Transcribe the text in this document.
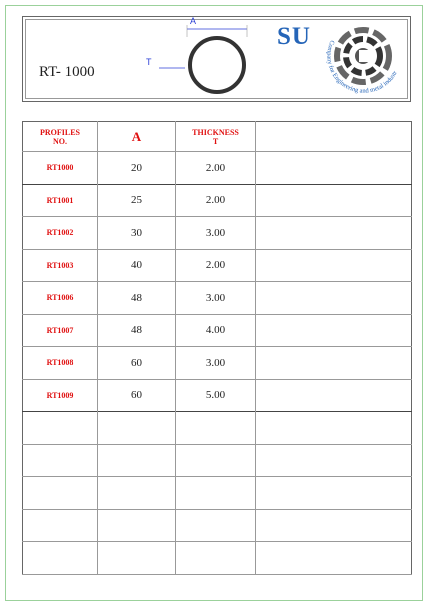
RT- 1000
A
T
SU	Company for Engineering and metal industr
PROFILES
NO.	A	THICKNESS
T	
RT1000	20	2.00	
RT1001	25	2.00	
RT1002	30	3.00	
RT1003	40	2.00	
RT1006	48	3.00	
RT1007	48	4.00	
RT1008	60	3.00	
RT1009	60	5.00	
